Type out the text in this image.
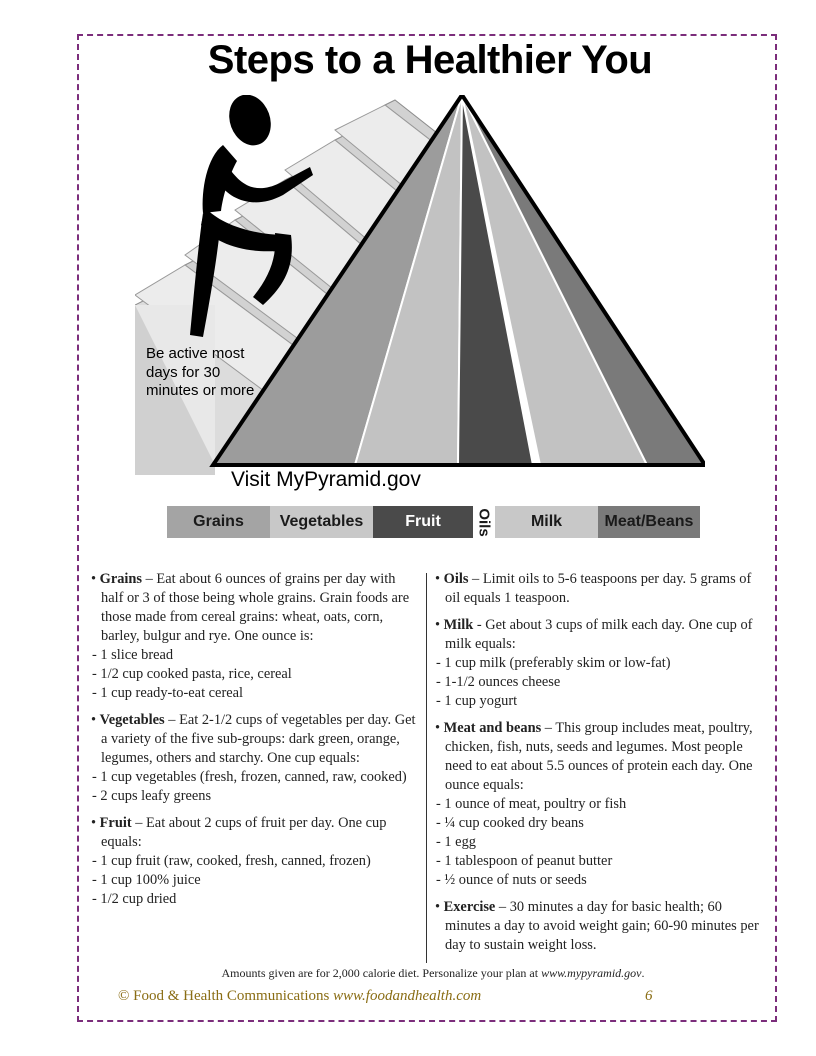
Steps to a Healthier You

Be active most days for 30 minutes or more

Visit MyPyramid.gov

Grains Vegetables	Fruit Oils Milk	Meat/Beans

• Grains – Eat about 6 ounces of grains per day with half or 3 of those being whole grains. Grain foods are those made from cereal grains: wheat, oats, corn, barley, bulgur and rye. One ounce is:
- 1 slice bread
- 1/2 cup cooked pasta, rice, cereal
- 1 cup ready-to-eat cereal

• Vegetables – Eat 2-1/2 cups of vegetables per day. Get a variety of the five sub-groups: dark green, orange, legumes, others and starchy. One cup equals:
- 1 cup vegetables (fresh, frozen, canned, raw, cooked)
- 2 cups leafy greens

• Fruit – Eat about 2 cups of fruit per day. One cup equals:
- 1 cup fruit (raw, cooked, fresh, canned, frozen)
- 1 cup 100% juice
- 1/2 cup dried

• Oils – Limit oils to 5-6 teaspoons per day. 5 grams of oil equals 1 teaspoon.

• Milk - Get about 3 cups of milk each day. One cup of milk equals:
- 1 cup milk (preferably skim or low-fat)
- 1-1/2 ounces cheese
- 1 cup yogurt

• Meat and beans – This group includes meat, poultry, chicken, fish, nuts, seeds and legumes. Most people need to eat about 5.5 ounces of protein each day. One ounce equals:
- 1 ounce of meat, poultry or fish
- ¼ cup cooked dry beans
- 1 egg
- 1 tablespoon of peanut butter
- ½ ounce of nuts or seeds

• Exercise – 30 minutes a day for basic health; 60 minutes a day to avoid weight gain; 60-90 minutes per day to sustain weight loss.

Amounts given are for 2,000 calorie diet. Personalize your plan at www.mypyramid.gov.

© Food & Health Communications www.foodandhealth.com	6
